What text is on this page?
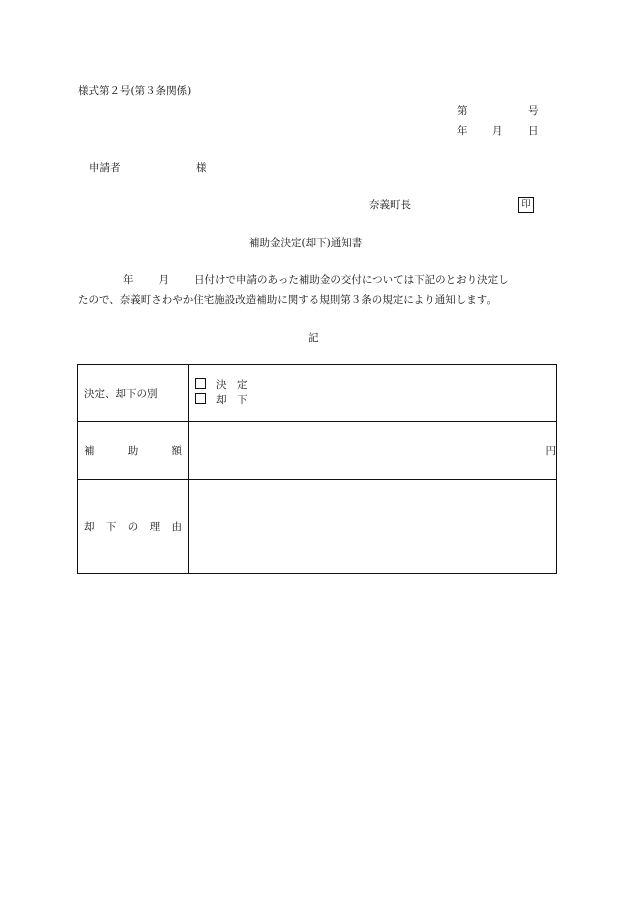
様式第２号(第３条関係)
第	号
年 月 日
申請者	様
奈義町長	印
補助金決定(却下)通知書
年 月 日付けで申請のあった補助金の交付については下記のとおり決定し
たので、奈義町さわやか住宅施設改造補助に関する規則第３条の規定により通知します。
記
決定、却下の別	決　定
却　下

補 助 額	円

却 下 の 理 由	
